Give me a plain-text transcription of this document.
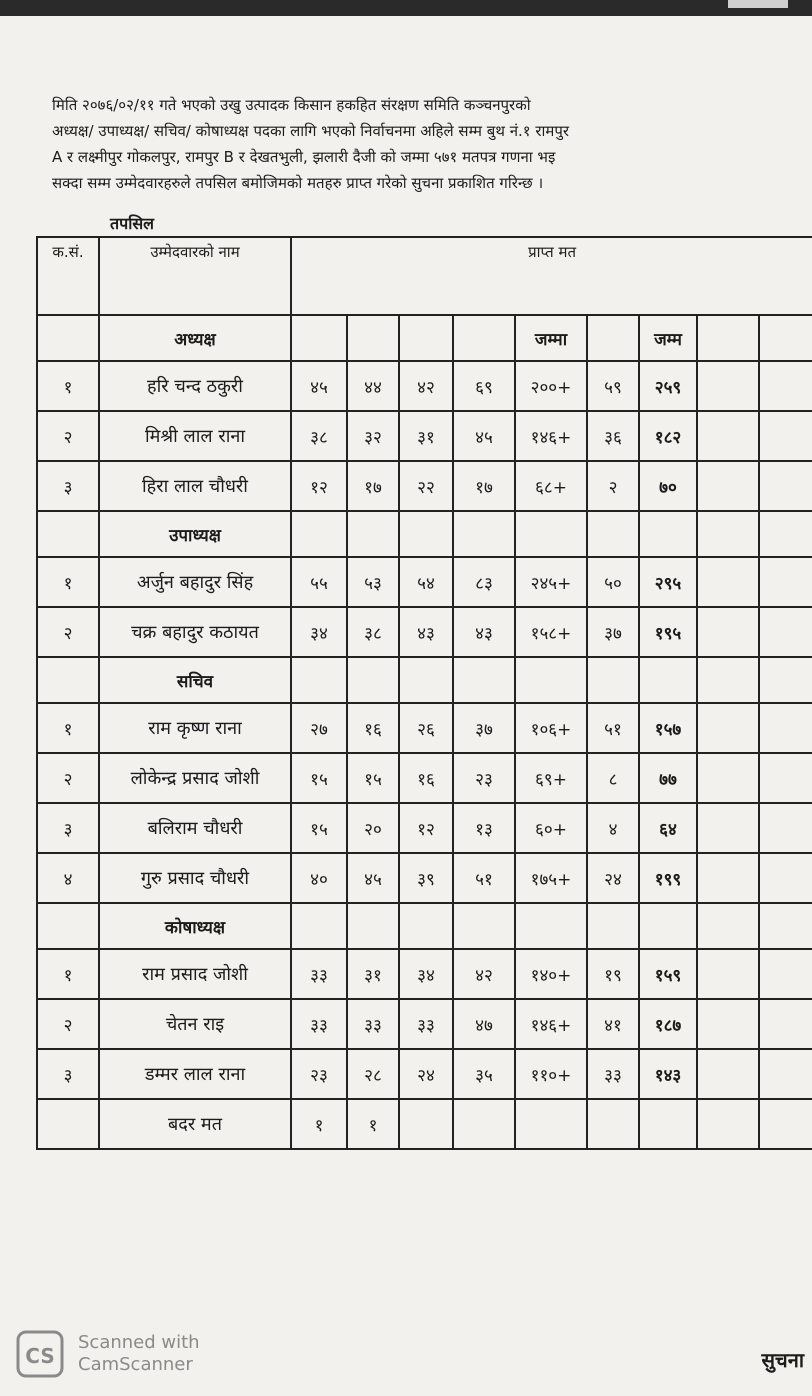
मिति २०७६/०२/११ गते भएको उखु उत्पादक किसान हकहित संरक्षण समिति कञ्चनपुरको
अध्यक्ष/ उपाध्यक्ष/ सचिव/ कोषाध्यक्ष पदका लागि भएको निर्वाचनमा अहिले सम्म बुथ नं.१ रामपुर
A र लक्ष्मीपुर गोकलपुर, रामपुर B र देखतभुली, झलारी दैजी को जम्मा ५७१ मतपत्र गणना भइ
सक्दा सम्म उम्मेदवारहरुले तपसिल बमोजिमको मतहरु प्राप्त गरेको सुचना प्रकाशित गरिन्छ ।
तपसिल
क.सं.	उम्मेदवारको नाम	प्राप्त मत								
	अध्यक्ष					जम्मा		जम्म		
१	हरि चन्द ठकुरी	४५	४४	४२	६९	२००+	५९	२५९		
२	मिश्री लाल राना	३८	३२	३१	४५	१४६+	३६	१८२		
३	हिरा लाल चौधरी	१२	१७	२२	१७	६८+	२	७०		
	उपाध्यक्ष									
१	अर्जुन बहादुर सिंह	५५	५३	५४	८३	२४५+	५०	२९५		
२	चक्र बहादुर कठायत	३४	३८	४३	४३	१५८+	३७	१९५		
	सचिव									
१	राम कृष्ण राना	२७	१६	२६	३७	१०६+	५१	१५७		
२	लोकेन्द्र प्रसाद जोशी	१५	१५	१६	२३	६९+	८	७७		
३	बलिराम चौधरी	१५	२०	१२	१३	६०+	४	६४		
४	गुरु प्रसाद चौधरी	४०	४५	३९	५१	१७५+	२४	१९९		
	कोषाध्यक्ष									
१	राम प्रसाद जोशी	३३	३१	३४	४२	१४०+	१९	१५९		
२	चेतन राइ	३३	३३	३३	४७	१४६+	४१	१८७		
३	डम्मर लाल राना	२३	२८	२४	३५	११०+	३३	१४३		
	बदर मत	१	१							
CS
Scanned with
CamScanner	सुचना
